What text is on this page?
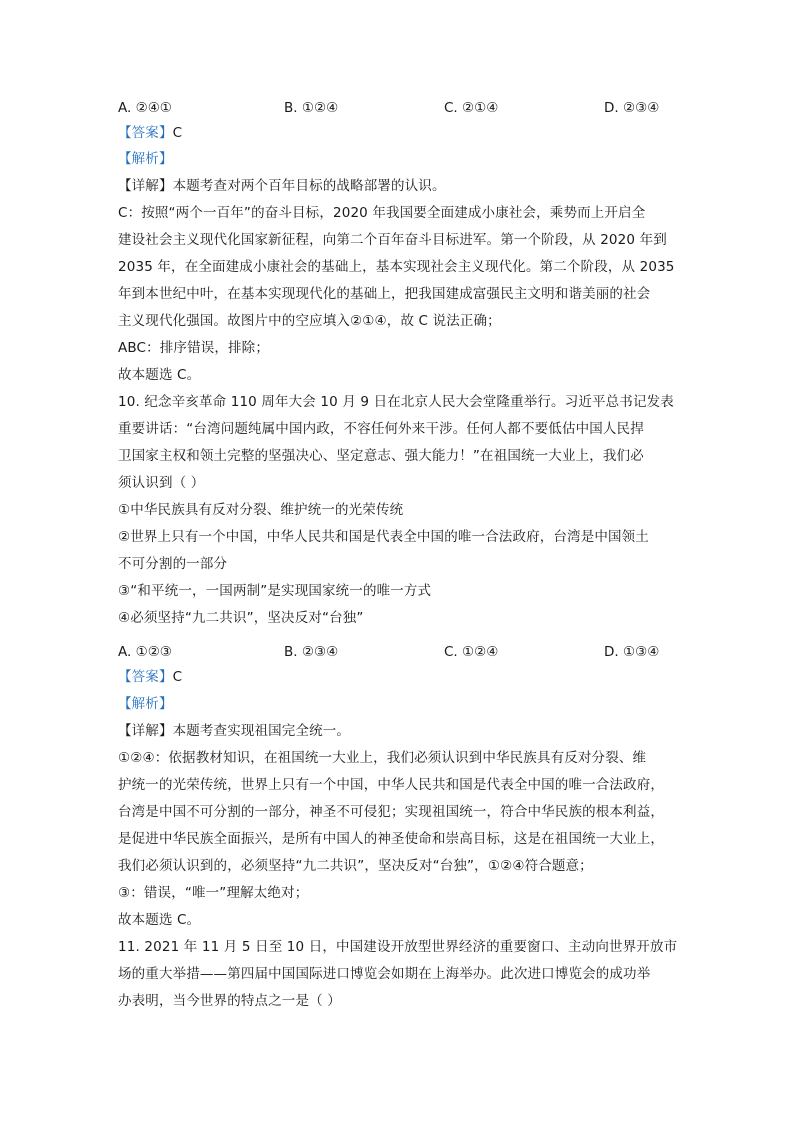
A. ②④①	B. ①②④	C. ②①④	D. ②③④
【答案】C
【解析】
【详解】本题考查对两个百年目标的战略部署的认识。
C：按照“两个一百年”的奋斗目标，2020 年我国要全面建成小康社会，乘势而上开启全
建设社会主义现代化国家新征程，向第二个百年奋斗目标进军。第一个阶段，从 2020 年到
2035 年，在全面建成小康社会的基础上，基本实现社会主义现代化。第二个阶段，从 2035
年到本世纪中叶，在基本实现现代化的基础上，把我国建成富强民主文明和谐美丽的社会
主义现代化强国。故图片中的空应填入②①④，故 C 说法正确；
ABC：排序错误，排除；
故本题选 C。
10. 纪念辛亥革命 110 周年大会 10 月 9 日在北京人民大会堂隆重举行。习近平总书记发表
重要讲话：“台湾问题纯属中国内政，不容任何外来干涉。任何人都不要低估中国人民捍
卫国家主权和领土完整的坚强决心、坚定意志、强大能力！”在祖国统一大业上，我们必
须认识到（ ）
①中华民族具有反对分裂、维护统一的光荣传统
②世界上只有一个中国，中华人民共和国是代表全中国的唯一合法政府，台湾是中国领土
不可分割的一部分
③“和平统一，一国两制”是实现国家统一的唯一方式
④必须坚持“九二共识”，坚决反对“台独”
A. ①②③	B. ②③④	C. ①②④	D. ①③④
【答案】C
【解析】
【详解】本题考查实现祖国完全统一。
①②④：依据教材知识，在祖国统一大业上，我们必须认识到中华民族具有反对分裂、维
护统一的光荣传统，世界上只有一个中国，中华人民共和国是代表全中国的唯一合法政府，
台湾是中国不可分割的一部分，神圣不可侵犯；实现祖国统一，符合中华民族的根本利益，
是促进中华民族全面振兴，是所有中国人的神圣使命和崇高目标，这是在祖国统一大业上，
我们必须认识到的，必须坚持“九二共识”，坚决反对“台独”，①②④符合题意；
③：错误，“唯一”理解太绝对；
故本题选 C。
11. 2021 年 11 月 5 日至 10 日，中国建设开放型世界经济的重要窗口、主动向世界开放市
场的重大举措——第四届中国国际进口博览会如期在上海举办。此次进口博览会的成功举
办表明，当今世界的特点之一是（ ）
